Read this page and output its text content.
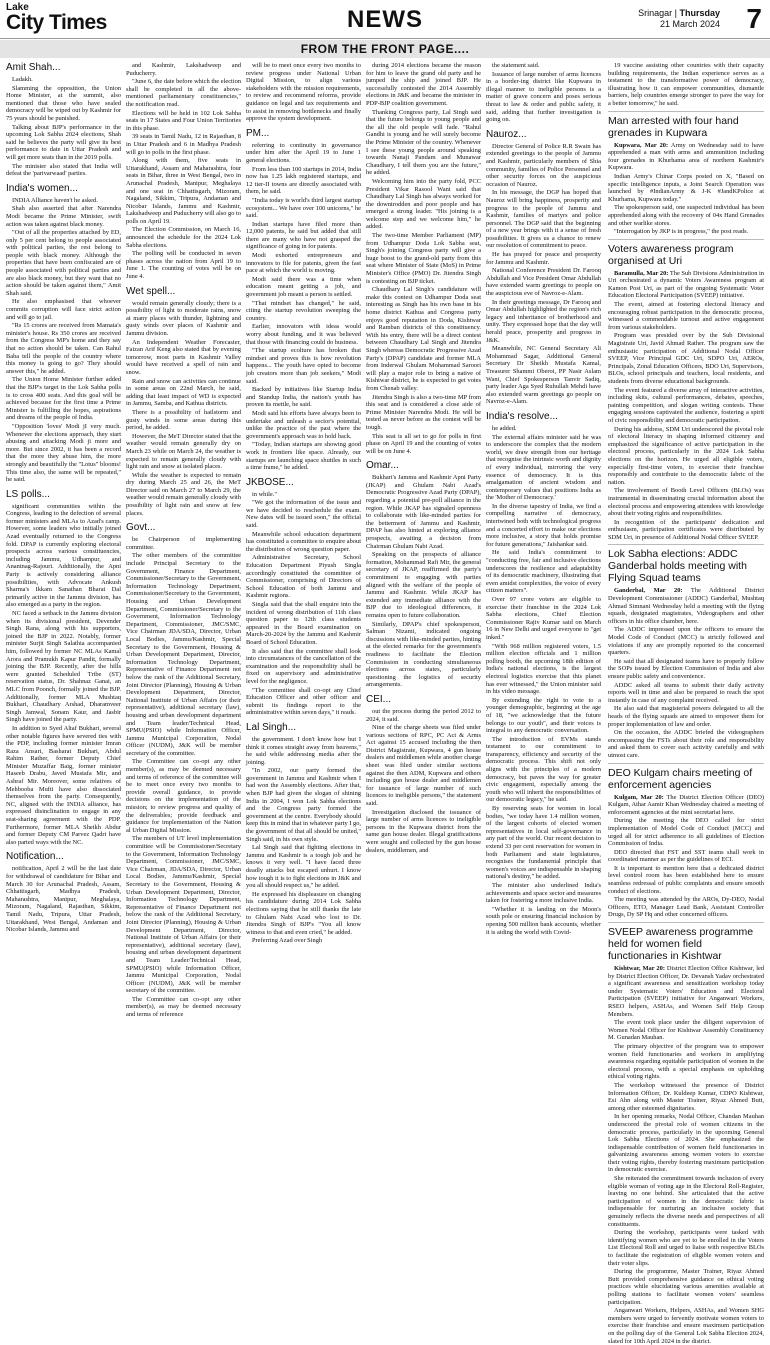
Lake
City Times	NEWS	Srinagar | Thursday
21 March 2024 7
FROM THE FRONT PAGE....
Amit Shah...

Ladakh.

Slamming the opposition, the Union Home Minister, at the summit, also mentioned that those who have sealed democracy will be wiped out by Kashmir for 75 years should be punished.

Talking about BJP's performance in the upcoming Lok Sabha 2024 elections, Shah said he believes the party will give its best performance to date in Uttar Pradesh and will get more seats than in the 2019 polls.

The minister also stated that India will defeat the 'parivarwaad' parties.

India's women...

INDIA Alliance haven't he asked.

Shah also asserted that after Narendra Modi became the Prime Minister, swift action was taken against black money.

"Out of all the properties attached by ED, only 5 per cent belong to people associated with political parties, the rest belong to people with black money. Although the properties that have been confiscated are of people associated with political parties and are also black money, but they want that no action should be taken against them," Amit Shah said.

He also emphasised that whoever commits corruption will face strict action and will go to jail.

"Rs 15 crores are received from Mamata's minister's house. Rs 350 crores are received from the Congress MP's home and they say that no action should be taken. Can Rahul Baba tell the people of the country where this money is going to go? They should answer this," he added.

The Union Home Minister further added that the BJP's target in the Lok Sabha polls is to cross 400 seats. And this goal will be achieved because for the first time a Prime Minister is fulfilling the hopes, aspirations and dreams of the people of India.

"Opposition 'loves' Modi jI very much. Whenever the elections approach, they start abusing and attacking Modi ji more and more. But since 2002, it has been a record that the more they abuse him, the more strongly and beautifully the "Lotus" blooms! This time also, the same will be repeated," he said.

LS polls...

significant communities within the Congress, leading to the defection of several former ministers and MLAs to Azad's camp. However, some leaders who initially joined Azad eventually returned to the Congress fold. DPAP is currently exploring electoral prospects across various constituencies, including Jammu, Udhampur, and Anantnag-Rajouri. Additionally, the Apni Party is actively considering alliance possibilities, with Advocate Ankush Sharma's Ikkam Sanathan Bharat Dal primarily active in the Jammu division, has also emerged as a party in the region.

NC faced a setback in the Jammu division when its divisional president, Devender Singh Rana, along with his supporters, joined the BJP in 2022. Notably, former minister Surjit Singh Salathia accompanied him, followed by former NC MLAs Kamal Arora and Pramukh Kapur Pandit, formally joining the BJP. Recently, after the hills were granted Scheduled Tribe (ST) reservation status, Dr. Shahnaz Ganai, an MLC from Poonch, formally joined the BJP. Additionally, former MLA Mushtaq Bukhari, Chaudhary Arshad, Dharamveer Singh Jamwal, Sonam Kaur, and Jasbir Singh have joined the party.

In addition to Syed Altaf Bukhari, several other notable figures have severed ties with the PDP, including former minister Imran Raza Ansari, Basharat Bukhari, Abdul Rahim Rather, former Deputy Chief Minister Muzaffar Baig, former minister Haseeb Drabu, Javed Mustafa Mir, and Ashraf Mir. Moreover, some relatives of Mehbooba Mufti have also dissociated themselves from the party. Consequently, NC, aligned with the INDIA alliance, has expressed disinclination to engage in any seat-sharing agreement with the PDP. Furthermore, former MLA Sheikh Abdur and former Deputy CM Parvez Qadri have also parted ways with the NC.

Notification...

notification, April 2 will be the last date for withdrawal of candidature for Bihar and March 30 for Arunachal Pradesh, Assam, Chhattisgarh, Madhya Pradesh, Maharashtra, Manipur, Meghalaya, Mizoram, Nagaland, Rajasthan, Sikkim, Tamil Nadu, Tripura, Uttar Pradesh, Uttarakhand, West Bengal, Andaman and Nicobar Islands, Jammu and

and Kashmir, Lakshadweep and Puducherry.

"June 6, the date before which the election shall be completed in all the above-mentioned parliamentary constituencies," the notification read.

Elections will be held in 102 Lok Sabha seats in 17 States and Four Union Territories in this phase.

39 seats in Tamil Nadu, 12 in Rajasthan, 8 in Uttar Pradesh and 6 in Madhya Pradesh will go to polls in the first phase.

Along with them, five seats in Uttarakhand, Assam and Maharashtra, four seats in Bihar, three in West Bengal, two in Arunachal Pradesh, Manipur, Meghalaya and one seat in Chhattisgarh, Mizoram, Nagaland, Sikkim, Tripura, Andaman and Nicobar Islands, Jammu and Kashmir, Lakshadweep and Puducherry will also go to polls on April 19.

The Election Commission, on March 16, announced the schedule for the 2024 Lok Sabha elections.

The polling will be conducted in seven phases across the nation from April 19 to June 1. The counting of votes will be on June 4.

Wet spell...

would remain generally cloudy; there is a possibility of light to moderate rains, snow at many places with thunder, lightning and gusty winds over places of Kashmir and Jammu division.

An Independent Weather Forecaster, Faizan Arif Keng also stated that by evening tomorrow, most parts in Kashmir Valley would have received a spell of rain and snow.

Rain and snow can activities can continue in some areas on 22nd March, he said, adding that least impact of WD is expected in Jammu, Samba, and Kathua districts.

There is a possibility of hailstorm and gusty winds in some areas during this period, he added.

However, the MeT Director stated that the weather would remain generally dry on March 23 while on March 24, the weather is expected to remain generally cloudy with light rain and snow at isolated places.

While the weather is expected to remain dry during March 25 and 26, the MeT Director said on March 27 to March 29, the weather would remain generally cloudy with possibility of light rain and snow at few places.

Govt...

be Chairperson of implementing committee.

The other members of the committee include Principal Secretary to the Government, Finance Department, Commissioner/Secretary to the Government, Information Technology Department, Commissioner/Secretary to the Government, Housing and Urban Development Department, Commissioner/Secretary to the Government, Information Technology Department, Commissioner, JMC/SMC, Vice Chairman JDA/SDA, Director, Urban Local Bodies, Jammu/Kashmir, Special Secretary to the Government, Housing & Urban Development Department, Director, Information Technology Department, Representative of Finance Department not below the rank of the Additional Secretary, Joint Director (Planning), Housing & Urban Development Department, Director, National Institute of Urban Affairs (or their representative), additional secretary (law), housing and urban development department and Team leader/Technical Head, SPMU(PSIO) while Information Officer, Jammu Municipal Corporation, Nodal Officer (NUDM), J&K will be member secretary of the committee.

The Committee can co-opt any other member(s), as may be deemed necessary and terms of reference of the committee will be to meet once every two months to provide overall guidance, to provide decisions on the implementation of the mission; to review progress and quality of the deliverables; provide feedback and guidance for implementation of the Nation al Urban Digital Mission.

The members of UT level implementation committee will be Commissioner/Secretary to the Government, Information Technology Department, Commissioner, JMC/SMC, Vice Chairman, JDA/SDA, Director, Urban Local Bodies, Jammu/Kashmir, Special Secretary to the Government, Housing & Urban Development Department, Director, Information Technology Department, Representative of Finance Department not below the rank of the Additional Secretary, Joint Director (Planning), Housing & Urban Development Department, Director, National Institute of Urban Affairs (or their representative), additional secretary (law), housing and urban development department and Team Leader/Technical Head, SPMU(PSIO) while Information Officer, Jammu Municipal Corporation, Nodal Officer (NUDM), J&K will be member secretary of the committee.

The Committee can co-opt any other member(s), as may be deemed necessary and terms of reference

will be to meet once every two months to review progress under National Urban Digital Mission, to align various stakeholders with the mission requirements, to review and recommend reforms, provide guidance on legal and tax requirements and to assist in removing bottlenecks and finally approve the system development.

PM...

referring to continuity in governance under him after the April 19 to June 1 general elections.

From less than 100 startups in 2014, India now has 1.25 lakh registered startups, and 12 tier-II towns are directly associated with them, he said.

"India today is world's third largest startup ecosystem... We have over 100 unicorns," he said.

Indian startups have filed more than 12,000 patents, he said but added that still there are many who have not grasped the significance of going in for patents.

Modi exhorted entrepreneurs and innovators to file for patents, given the fast pace at which the world is moving.

Modi said there was a time when education meant getting a job, and government job meant a person is settled.

"That mindset has changed," he said, citing the startup revolution sweeping the country.

Earlier, innovators with ideas would worry about funding, and it was believed that those with financing could do business.

"The startup ecolture has broken that mindset and proves this is how revolution happens... The youth have opted to become job creators more than job seekers," Modi said.

Backed by initiatives like Startup India and Standup India, the nation's youth has proven its mettle, he said.

Modi said his efforts have always been to undertake and unleash a sector's potential, unlike the practice of the past where the government's approach was to hold back.

"Today, Indian startups are showing good work in frontiers like space. Already, our startups are launching space shuttles in such a time frame," he added.

JKBOSE...

in while."

"We got the information of the issue and we have decided to reschedule the exam. New dates will be issued soon," the official said.

Meanwhile school education department has constituted a committee to enquire about the distribution of wrong question paper.

Administrative Secretary, School Education Department Piyush Singla accordingly constituted the committee of Commissioner, comprising of Directors of School Education of both Jammu and Kashmir regions.

Singla said that the shall enquire into the incident of wrong distribution of 11th class question paper to 12th class students appeared in the Board examination on March-20-2024 by the Jammu and Kashmir Board of School Education.

It also said that the committee shall look into circumstances of the cancellation of the examination and the responsibility shall be fixed on supervisory and administrative level for the negligence.

"The committee shall co-opt any Chief Education Officer and other officer and submit its findings report to the administrative within seven days," it reads.

Lal Singh...

the government. I don't know how but I think it comes straight away from heavens," he said while addressing media after the joining.

"In 2002, our party formed the government in Jammu and Kashmir when I had won the Assembly elections. After that, when BJP had given the slogan of shining India in 2004, I won Lok Sabha elections and the Congress party formed the government at the centre. Everybody should keep this in mind that in whatever party I go, the government of that all should be united," Singh said, in his own style.

Lal Singh said that fighting elections in Jammu and Kashmir is a tough job and he knows it very well. "I have faced three deadly attacks but escaped unhurt. I know how tough it is to fight elections in J&K and you all should respect us," he added.

He expressed his displeasure on changing his candidature during 2014 Lok Sabha elections saying that he still thanks the late to Ghulam Nabi Azad who lost to Dr. Jitendra Singh of BJP's "You all know witness to that and even cried," he added.

Preferring Azad over Singh

during 2014 elections became the reason for him to leave the grand old party and he jumped the ship and joined BJP. He successfully contested the 2014 Assembly elections in J&K and became the minister in PDP-BJP coalition government.

Thanking Congress party, Lal Singh said that the future belongs to young people and the all the old people will fade. "Rahul Gandhi is young and he will surely become the Prime Minister of the country. Whenever I see these young people around speaking towards Nanaji Pandam and Munawar Chaudhary, I tell them you are the future," he added.

Welcoming him into the party fold, PCC President Vikar Rasool Wani said that Chaudhary Lal Singh has always worked for the downtrodden and poor people and has emerged a strong leader. "His joining is a welcome step and we welcome him," he added.

The two-time Member Parliament (MP) from Udhampur Doda Lok Sabha seat, Singh's joining Congress party will give a huge boost to the grand-old party from this seat where Minister of State (MoS) in Prime Minister's Office (PMO) Dr. Jitendra Singh is contesting on BJP ticket.

Chaudhary Lal Singh's candidature will make this contest on Udhampur Doda seat interesting as Singh has his own base in his home district Kathua and Congress party enjoys good reputation in Doda, Kishtwar and Ramban districts of this constituency. With his entry, there will be a direct contest between Chaudhary Lal Singh and Jitendra Singh whereas Democratic Progressive Azad Party's (DPAP) candidate and former MLA from Inderwal Ghulam Mohammad Saroori will play a major role to bring a native of Kishtwar district, he is expected to get votes from Chenab valley.

Jitendra Singh is also a two-time MP from this seat and is considered a close aide of Prime Minister Narendra Modi. He will be tested as never before as the contest will be tough.

This seat is all set to go for polls in first phase on April 19 and the counting of votes will be on June 4.

Omar...

Bukhari's Jammu and Kashmir Apni Party (JKAP) and Ghulam Nabi Azad's Democratic Progressive Azad Party (DPAP), regarding a potential pre-poll alliance in the region. While JKAP has signaled openness to collaborate with like-minded parties for the betterment of Jammu and Kashmir, DPAP has also hinted at exploring alliance prospects, awaiting a decision from Chairman Ghulam Nabi Azad.

Speaking on the prospects of alliance formation, Mohammad Rafi Mir, the general secretary of JKAP, reaffirmed the party's commitment to engaging with parties aligned with the welfare of the people of Jammu and Kashmir. While JKAP has extended any immediate alliance with the BJP due to ideological differences, it remains open to future collaboration.

Similarly, DPAP's chief spokesperson, Salman Nizami, indicated ongoing discussions with like-minded parties, hinting at the elected remarks for the government's readiness to facilitate the Election Commission in conducting simultaneous elections across states, particularly questioning the logistics of security arrangements.

CEI...

out the process during the period 2012 to 2024, it said.

Nine of the charge sheets was filed under various sections of RPC, PC Act & Arms Act against 15 accused including the then District Magistrate, Kupwara, 4 gun house dealers and middlemen while another charge sheet was filed under similar sections against the then ADM, Kupwara and others including gun house dealer and middlemen for issuance of large number of such licences to ineligible persons," the statement said.

Investigation disclosed the issuance of large number of arms licences to ineligible persons in the Kupwara district from the same gun house dealer. Illegal gratifications were sought and collected by the gun house dealers, middlemen, and

the statement said.

Issuance of large number of arms licences in a border-ing district like Kupwara in illegal manner to ineligible persons is a matter of grave concern and poses serious threat to law & order and public safety, it said, adding that further investigation is going on.

Nauroz...

Director General of Police R.R Swain has extended greetings to the people of Jammu and Kashmir, particularly members of Shia community, families of Police Personnel and other security forces on the auspicious occasion of Nauroz.

In his message, the DGP has hoped that Nauroz will bring happiness, prosperity and progress to the people of Jammu and Kashmir, families of martyrs and police personnel. The DGP said that the beginning of a new year brings with it a sense of fresh possibilities. It gives us a chance to renew our resolution of commitment to peace.

He has prayed for peace and prosperity for Jammu and Kashmir.

National Conference President Dr. Farooq Abdullah and Vice President Omar Abdullah have extended warm greetings to people on the auspicious eve of Navroz-e-Alam.

In their greetings message, Dr Farooq and Omar Abdullah highlighted the region's rich legacy and inheritance of brotherhood and unity. They expressed hope that the day will herald peace, prosperity and progress in J&K.

Meanwhile, NC General Secretary Ali Mohammad Sagar, Additional General Secretary Dr Sheikh Mustafa Kamal, Treasurer Shammi Oberoi, PP Nasir Aslam Wani, Chief Spokesperson Tanvir Sadiq, party leader Aga Syed Ruhullah Mehdi have also extended warm greetings go people on Navroz-e-Alam.

India's resolve...

he added.

The external affairs minister said he was to underscore the complex that the modern world, we draw strength from our heritage that recognise the intrinsic worth and dignity of every individual, mirroring the very essence of democracy. It is this amalgamation of ancient wisdom and contemporary values that positions India as the 'Mother of Democracy.'

In the diverse tapestry of India, we find a compelling narrative of democracy, intertwined both with technological progress and a concerted effort to make our elections more inclusive, a story that holds promise for future generations," Jaishankar said.

He said India's commitment to "conducting free, fair and inclusive elections underscores the resilience and adaptability of its democratic machinery, illustrating that even amidst complexities, the voice of every citizen matters".

Over 97 crore voters are eligible to exercise their franchise in the 2024 Lok Sabha elections, Chief Election Commissioner Rajiv Kumar said on March 16 in New Delhi and urged everyone to "get inked."

"With 968 million registered voters, 1.5 million election officials and 1 million polling booth, the upcoming 18th edition of India's national elections, is the largest electoral logistics exercise that this planet has ever witnessed," the Union minister said in his video message.

By extending the right to vote to a younger demographic, beginning at the age of 18, "we acknowledge that the future belongs to our youth", and their voices is integral to any democratic conversation.

The introduction of EVMs stands testament to our commitment to transparency, efficiency and security of the democratic process. This shift not only aligns with the principles of a modern democracy, but paves the way for greater civic engagement, especially among the youth who will inherit the responsibilities of our democratic legacy," he said.

By reserving seats for women in local bodies, "we today have 1.4 million women, of the largest cohorts of elected women representatives in local self-governance in any part of the world. Our recent decision to extend 33 per cent reservation for women in both Parliament and state legislatures, recognises the fundamental principle that women's voices are indispensable in shaping national's destiny," he added.

The minister also underlined India's achievements and space sector and measures taken for fostering a more inclusive India.

"Whether it is landing on the Moon's south pole or ensuring financial inclusion by opening 500 million bank accounts, whether it is aiding the world with Covid-

19 vaccine assisting other countries with their capacity building requirements, the Indian experience serves as a testament to the transformative power of democracy, illustrating how it can empower communities, dismantle barriers, help countries emerge stronger to pave the way for a better tomorrow," he said.

Man arrested with four hand grenades in Kupwara

Kupwara, Mar 20: Army on Wednesday said to have apprehended a man with arms and ammunition including four grenades in Khurhama area of northern Kashmir's Kupwara.

Indian Army's Chinar Corps posted on X, "Based on specific intelligence inputs, a Joint Search Operation was launched by #IndianArmy & J-K #JandKPolice at Khurhama, Kupwara today."

The spokesperson said, one suspected individual has been apprehended along with the recovery of 04x Hand Grenades and other warlike stores.

"Interrogation by JKP is in progress," the post reads.

Voters awareness program organised at Uri

Baramulla, Mar 20: The Sub Divisions Administration in Uri orchestrated a dynamic Voters Awareness program at Kamon Post Uri, as part of the ongoing Systematic Voter Education Electoral Participation (SVEEP) initiative.

The event, aimed at fostering electoral literacy and encouraging robust participation in the democratic process, witnessed a commendable turnout and active engagement from various stakeholders.

Program was presided over by the Sub Divisional Magistrate Uri, Javid Ahmad Rather. The program saw the enthusiastic participation of Additional Nodal Officer SVEEP, Vice Principal GDC Uri, SDPO Uri, AEROs, Principals, Zonal Education Officers, BDO Uri, Supervisors, BLOs, school principals and teachers, local residents, and students from diverse educational backgrounds.

The event featured a diverse array of interactive activities, including skits, cultural performances, debates, speeches, painting competition, and slogan writing contests. These engaging sessions captivated the audience, fostering a spirit of civic responsibility and democratic participation.

During his address, SDM Uri underscored the pivotal role of electoral literacy in shaping informed citizenry and emphasized the significance of active participation in the electoral process, particularly in the 2024 Lok Sabha elections on the horizon. He urged all eligible voters, especially first-time voters, to exercise their franchise responsibly and contribute to the democratic fabric of the nation.

The involvement of Booth Level Officers (BLOs) was instrumental in disseminating crucial information about the electoral process and empowering attendees with knowledge about their voting rights and responsibilities.

In recognition of the participants' dedication and enthusiasm, participation certificates were distributed by SDM Uri, in presence of Additional Nodal Officer SVEEP.

Lok Sabha elections: ADDC Ganderbal holds meeting with Flying Squad teams

Ganderbal, Mar 20: The Additional District Development Commissioner (ADDC) Ganderbal, Mushtaq Ahmad Simnani Wednesday held a meeting with the flying squads, designated magistrates, Videographers and other officers in his office chamber, here.

The ADDC impressed upon the officers to ensure the Model Code of Conduct (MCC) is strictly followed and violations if any are promptly reported to the concerned quarters.

He said that all designated teams have to properly follow the SOPs issued by Election Commission of India and also ensure public safety and convenience.

ADDC asked all teams to submit their daily activity reports well in time and also be prepared to reach the spot instantly in case of any complaint received.

He also said that magisterial powers delegated to all the heads of the flying squads are aimed to empower them for proper implementation of law and order.

On the occasion, the ADDC briefed the videographers encompassing the FSTs about their role and responsibility and asked them to cover each activity carefully and with utmost care.

DEO Kulgam chairs meeting of enforcement agencies

Kulgam, Mar 20: The District Election Officer (DEO) Kulgam, Athar Aamir Khan Wednesday chaired a meeting of enforcement agencies at the mini secretariat here.

During the meeting the DEO called for strict implementation of Model Code of Conduct (MCC) and urged all for strict adherence to all guidelines of Election Commission of India.

DEO directed that FST and SST teams shall work in coordinated manner as per the guidelines of ECI.

It is important to mention here that a dedicated district level control room has been established here to ensure seamless redressal of public complaints and ensure smooth conduct of elections.

The meeting was attended by the AROs, Dy-DEO, Nodal Officers, ETO, Manager Lead Bank, Assistant Controller Drugs, Dy SP Hq and other concerned officers.

SVEEP awareness programme held for women field functionaries in Kishtwar

Kishtwar, Mar 20: District Election Office Kishtwar, led by District Election Officer, Dr. Devansh Yadav orchestrated a significant awareness and sensitization workshop today under Systematic Voters' Education and Electoral Participation (SVEEP) initiative for Anganwari Workers, RSEO helpers, ASHAs, and Women Self Help Group Members.

The event took place under the diligent supervision of Women Nodal Officer for Kishtwar Assembly Constituency M. Gunadan Mauhan.

The primary objective of the program was to empower women field functionaries and workers in amplifying awareness regarding equitable participation of women in the electoral process, with a special emphasis on upholding ethical voting rights.

The workshop witnessed the presence of District Information Officer, Dr. Kuldeep Kumar, CDPO Kishtwar, Esi Ahn along with Master Trainer, Riyaz Ahmed Butt, among other esteemed dignitaries.

In her opening remarks, Nodal Officer, Chandan Mauhan underscored the pivotal role of women citizens in the democratic process, particularly in the upcoming General Lok Sabha Elections of 2024. She emphasized the indispensable contribution of women field functionaries in galvanizing awareness among women voters to exercise their voting rights, thereby fostering maximum participation in democratic exercise.

She reiterated the commitment towards inclusion of every eligible woman of voting age in the Electoral Roll-Register, leaving no one behind. She articulated that the active participation of women in the democratic fabric is indispensable for nurturing an inclusive society that genuinely reflects the diverse needs and perspectives of all constituents.

During the workshop, participants were tasked with identifying women who are yet to be enrolled in the Voters List Electoral Roll and urged to liaise with respective BLOs to facilitate the registration of eligible women voters and their voter slips.

During the programme, Master Trainer, Riyaz Ahmed Butt provided comprehensive guidance on ethical voting practices while elucidating various amenities available at polling stations to facilitate women voters' seamless participation.

Anganwari Workers, Helpers, ASHAs, and Women SHG members were urged to fervently motivate women voters to exercise their franchise and ensure maximum participation on the polling day of the General Lok Sabha Election 2024, slated for 10th April 2024 in the district.
